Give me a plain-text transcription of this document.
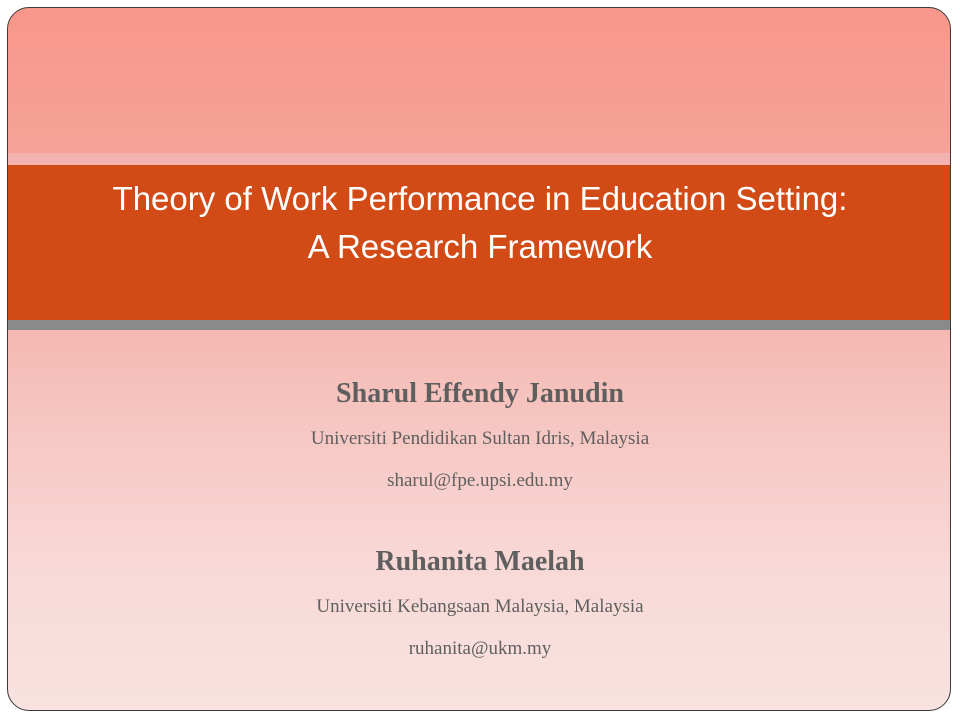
Theory of Work Performance in Education Setting:
A Research Framework
Sharul Effendy Janudin
Universiti Pendidikan Sultan Idris, Malaysia
sharul@fpe.upsi.edu.my
Ruhanita Maelah
Universiti Kebangsaan Malaysia, Malaysia
ruhanita@ukm.my
